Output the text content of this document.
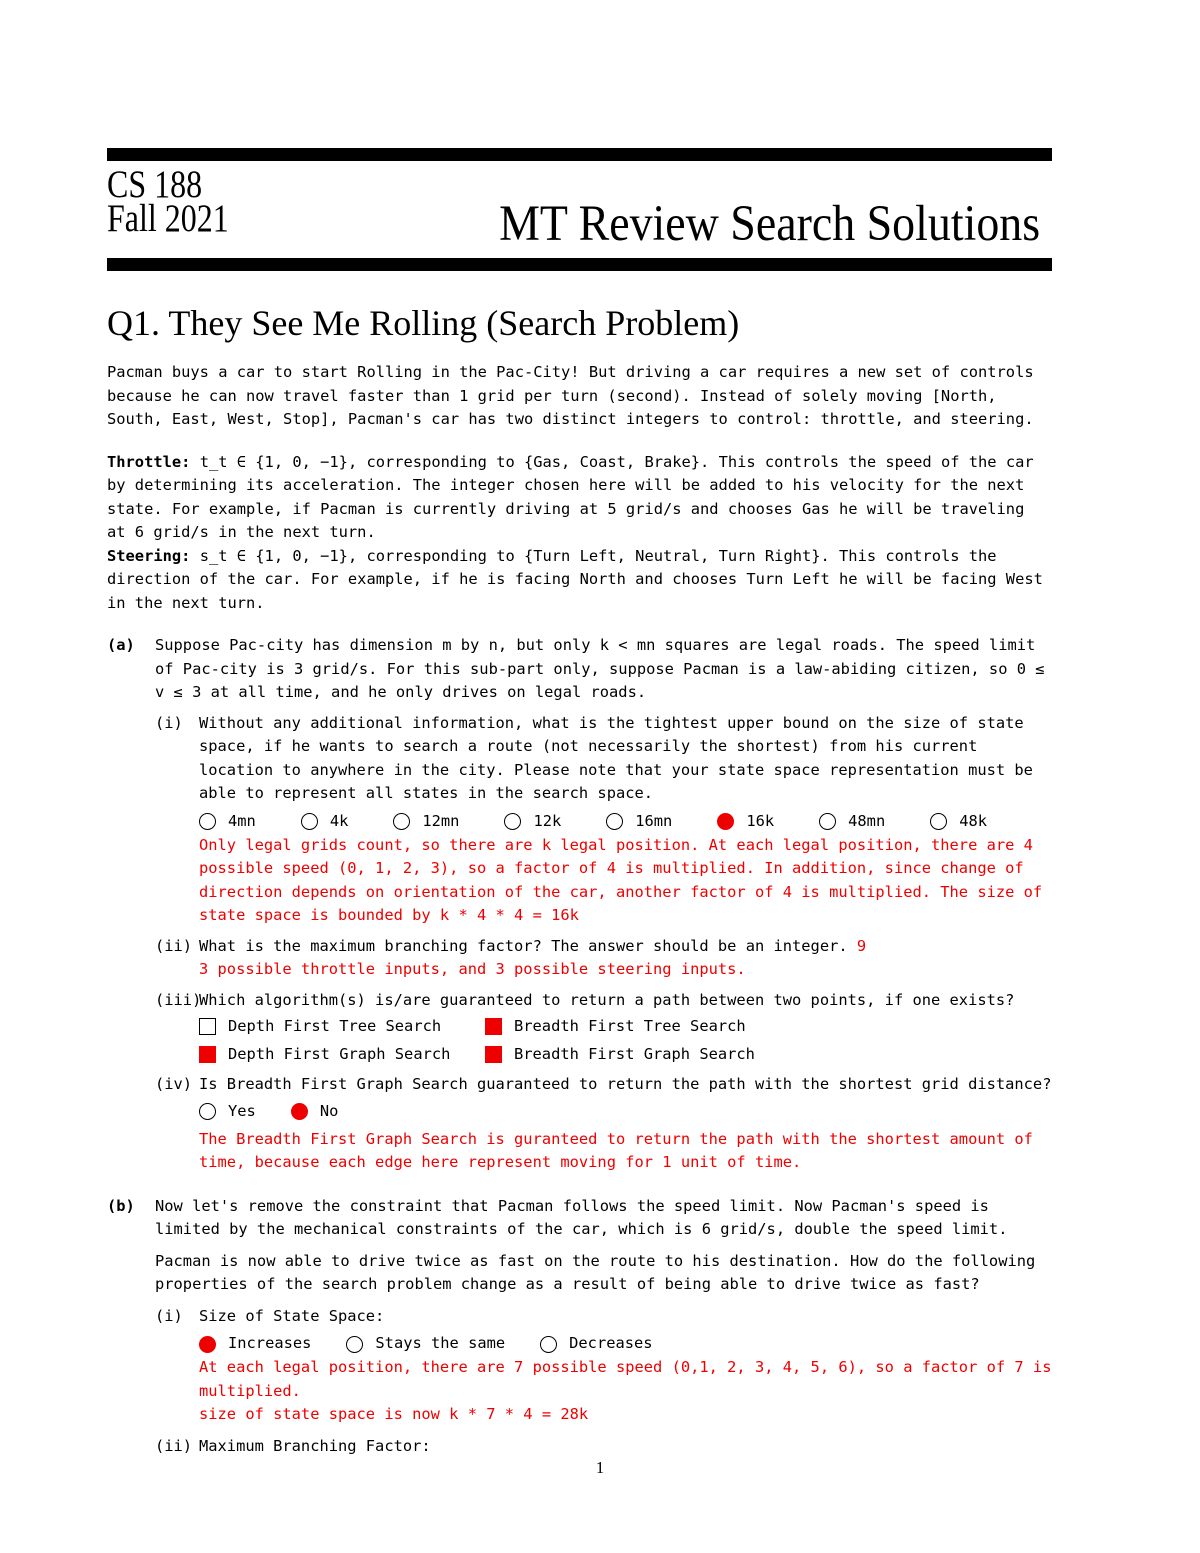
CS 188
Fall 2021	MT Review Search Solutions
Q1. They See Me Rolling (Search Problem)

Pacman buys a car to start Rolling in the Pac-City! But driving a car requires a new set of controls because he can now travel faster than 1 grid per turn (second). Instead of solely moving [North, South, East, West, Stop], Pacman's car has two distinct integers to control: throttle, and steering.

Throttle: t_t ∈ {1, 0, −1}, corresponding to {Gas, Coast, Brake}. This controls the speed of the car by determining its acceleration. The integer chosen here will be added to his velocity for the next state. For example, if Pacman is currently driving at 5 grid/s and chooses Gas he will be traveling at 6 grid/s in the next turn.

Steering: s_t ∈ {1, 0, −1}, corresponding to {Turn Left, Neutral, Turn Right}. This controls the direction of the car. For example, if he is facing North and chooses Turn Left he will be facing West in the next turn.

(a) Suppose Pac-city has dimension m by n, but only k < mn squares are legal roads. The speed limit of Pac-city is 3 grid/s. For this sub-part only, suppose Pacman is a law-abiding citizen, so 0 ≤ v ≤ 3 at all time, and he only drives on legal roads.

(i) Without any additional information, what is the tightest upper bound on the size of state space, if he wants to search a route (not necessarily the shortest) from his current location to anywhere in the city. Please note that your state space representation must be able to represent all states in the search space.

4mn	4k	12mn	12k	16mn	16k	48mn	48k

Only legal grids count, so there are k legal position. At each legal position, there are 4 possible speed (0, 1, 2, 3), so a factor of 4 is multiplied. In addition, since change of direction depends on orientation of the car, another factor of 4 is multiplied. The size of state space is bounded by k * 4 * 4 = 16k

(ii) What is the maximum branching factor? The answer should be an integer. 9

3 possible throttle inputs, and 3 possible steering inputs.

(iii)

Which algorithm(s) is/are guaranteed to return a path between two points, if one exists?

Depth First Tree Search	Breadth First Tree Search
Depth First Graph Search	Breadth First Graph Search
(iv) Is Breadth First Graph Search guaranteed to return the path with the shortest grid distance?

Yes	No

The Breadth First Graph Search is guranteed to return the path with the shortest amount of time, because each edge here represent moving for 1 unit of time.

(b) Now let's remove the constraint that Pacman follows the speed limit. Now Pacman's speed is limited by the mechanical constraints of the car, which is 6 grid/s, double the speed limit.

Pacman is now able to drive twice as fast on the route to his destination. How do the following properties of the search problem change as a result of being able to drive twice as fast?

(i) Size of State Space:

Increases	Stays the same	Decreases

At each legal position, there are 7 possible speed (0,1, 2, 3, 4, 5, 6), so a factor of 7 is multiplied.

size of state space is now k * 7 * 4 = 28k

(ii) Maximum Branching Factor:

1
